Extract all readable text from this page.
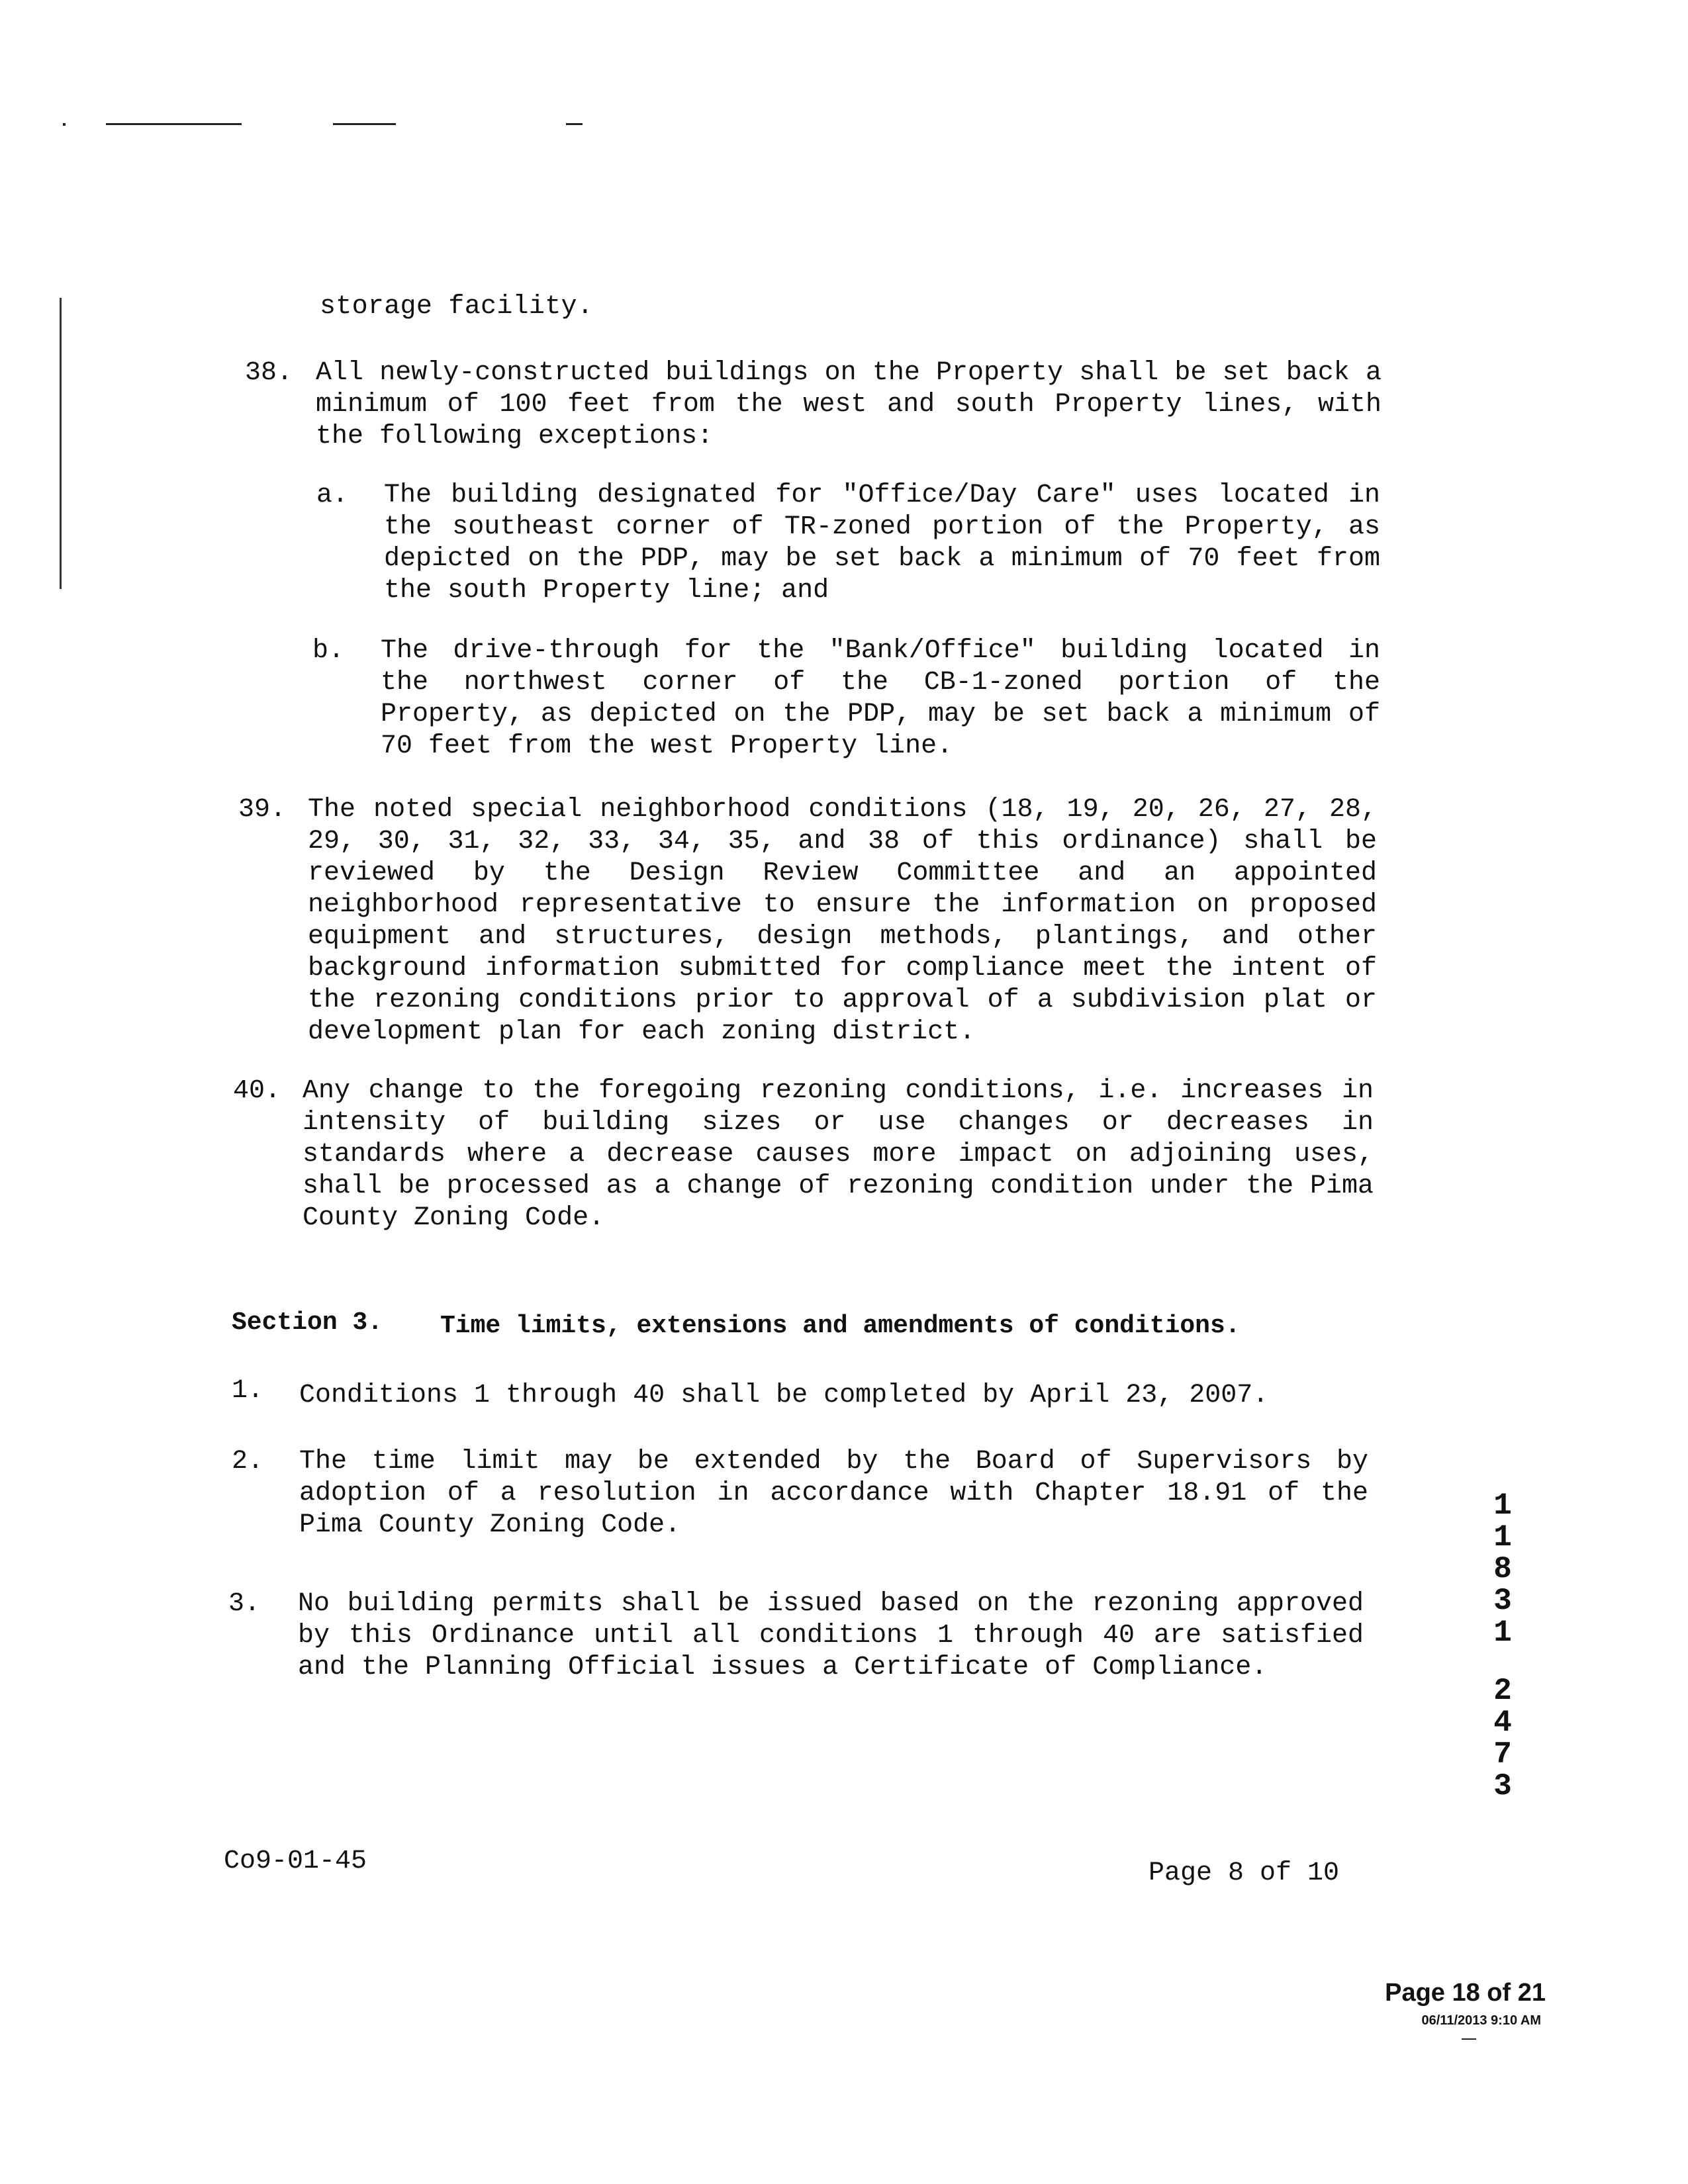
storage facility.
38. All newly-constructed buildings on the Property shall be set back a minimum of 100 feet from the west and south Property lines, with the following exceptions:
a. The building designated for "Office/Day Care" uses located in the southeast corner of TR-zoned portion of the Property, as depicted on the PDP, may be set back a minimum of 70 feet from the south Property line; and
b. The drive-through for the "Bank/Office" building located in the northwest corner of the CB-1-zoned portion of the Property, as depicted on the PDP, may be set back a minimum of 70 feet from the west Property line.
39. The noted special neighborhood conditions (18, 19, 20, 26, 27, 28, 29, 30, 31, 32, 33, 34, 35, and 38 of this ordinance) shall be reviewed by the Design Review Committee and an appointed neighborhood representative to ensure the information on proposed equipment and structures, design methods, plantings, and other background information submitted for compliance meet the intent of the rezoning conditions prior to approval of a subdivision plat or development plan for each zoning district.
40. Any change to the foregoing rezoning conditions, i.e. increases in intensity of building sizes or use changes or decreases in standards where a decrease causes more impact on adjoining uses, shall be processed as a change of rezoning condition under the Pima County Zoning Code.
Section 3. Time limits, extensions and amendments of conditions.
1. Conditions 1 through 40 shall be completed by April 23, 2007.
2. The time limit may be extended by the Board of Supervisors by adoption of a resolution in accordance with Chapter 18.91 of the Pima County Zoning Code.
3. No building permits shall be issued based on the rezoning approved by this Ordinance until all conditions 1 through 40 are satisfied and the Planning Official issues a Certificate of Compliance.
Co9-01-45	Page 8 of 10
1
1
8
3
1
2
4
7
3
Page 18 of 21
06/11/2013 9:10 AM
